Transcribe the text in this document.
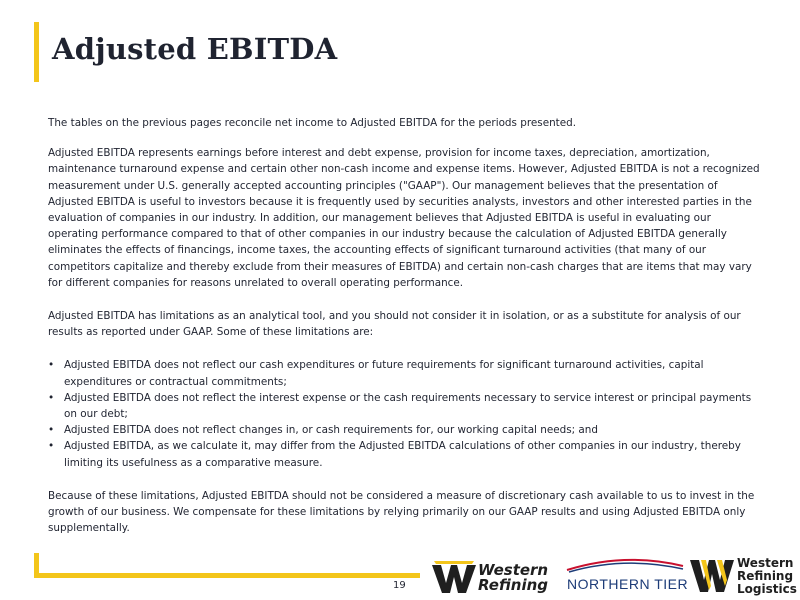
Adjusted EBITDA

The tables on the previous pages reconcile net income to Adjusted EBITDA for the periods presented.

Adjusted EBITDA represents earnings before interest and debt expense, provision for income taxes, depreciation, amortization, maintenance turnaround expense and certain other non-cash income and expense items. However, Adjusted EBITDA is not a recognized measurement under U.S. generally accepted accounting principles ("GAAP"). Our management believes that the presentation of Adjusted EBITDA is useful to investors because it is frequently used by securities analysts, investors and other interested parties in the evaluation of companies in our industry. In addition, our management believes that Adjusted EBITDA is useful in evaluating our operating performance compared to that of other companies in our industry because the calculation of Adjusted EBITDA generally eliminates the effects of financings, income taxes, the accounting effects of significant turnaround activities (that many of our competitors capitalize and thereby exclude from their measures of EBITDA) and certain non-cash charges that are items that may vary for different companies for reasons unrelated to overall operating performance.

Adjusted EBITDA has limitations as an analytical tool, and you should not consider it in isolation, or as a substitute for analysis of our results as reported under GAAP. Some of these limitations are:

• Adjusted EBITDA does not reflect our cash expenditures or future requirements for significant turnaround activities, capital expenditures or contractual commitments;
• Adjusted EBITDA does not reflect the interest expense or the cash requirements necessary to service interest or principal payments on our debt;
• Adjusted EBITDA does not reflect changes in, or cash requirements for, our working capital needs; and
• Adjusted EBITDA, as we calculate it, may differ from the Adjusted EBITDA calculations of other companies in our industry, thereby limiting its usefulness as a comparative measure.

Because of these limitations, Adjusted EBITDA should not be considered a measure of discretionary cash available to us to invest in the growth of our business. We compensate for these limitations by relying primarily on our GAAP results and using Adjusted EBITDA only supplementally.

19
Western
Refining NORTHERN TIER
Western
Refining
Logistics
